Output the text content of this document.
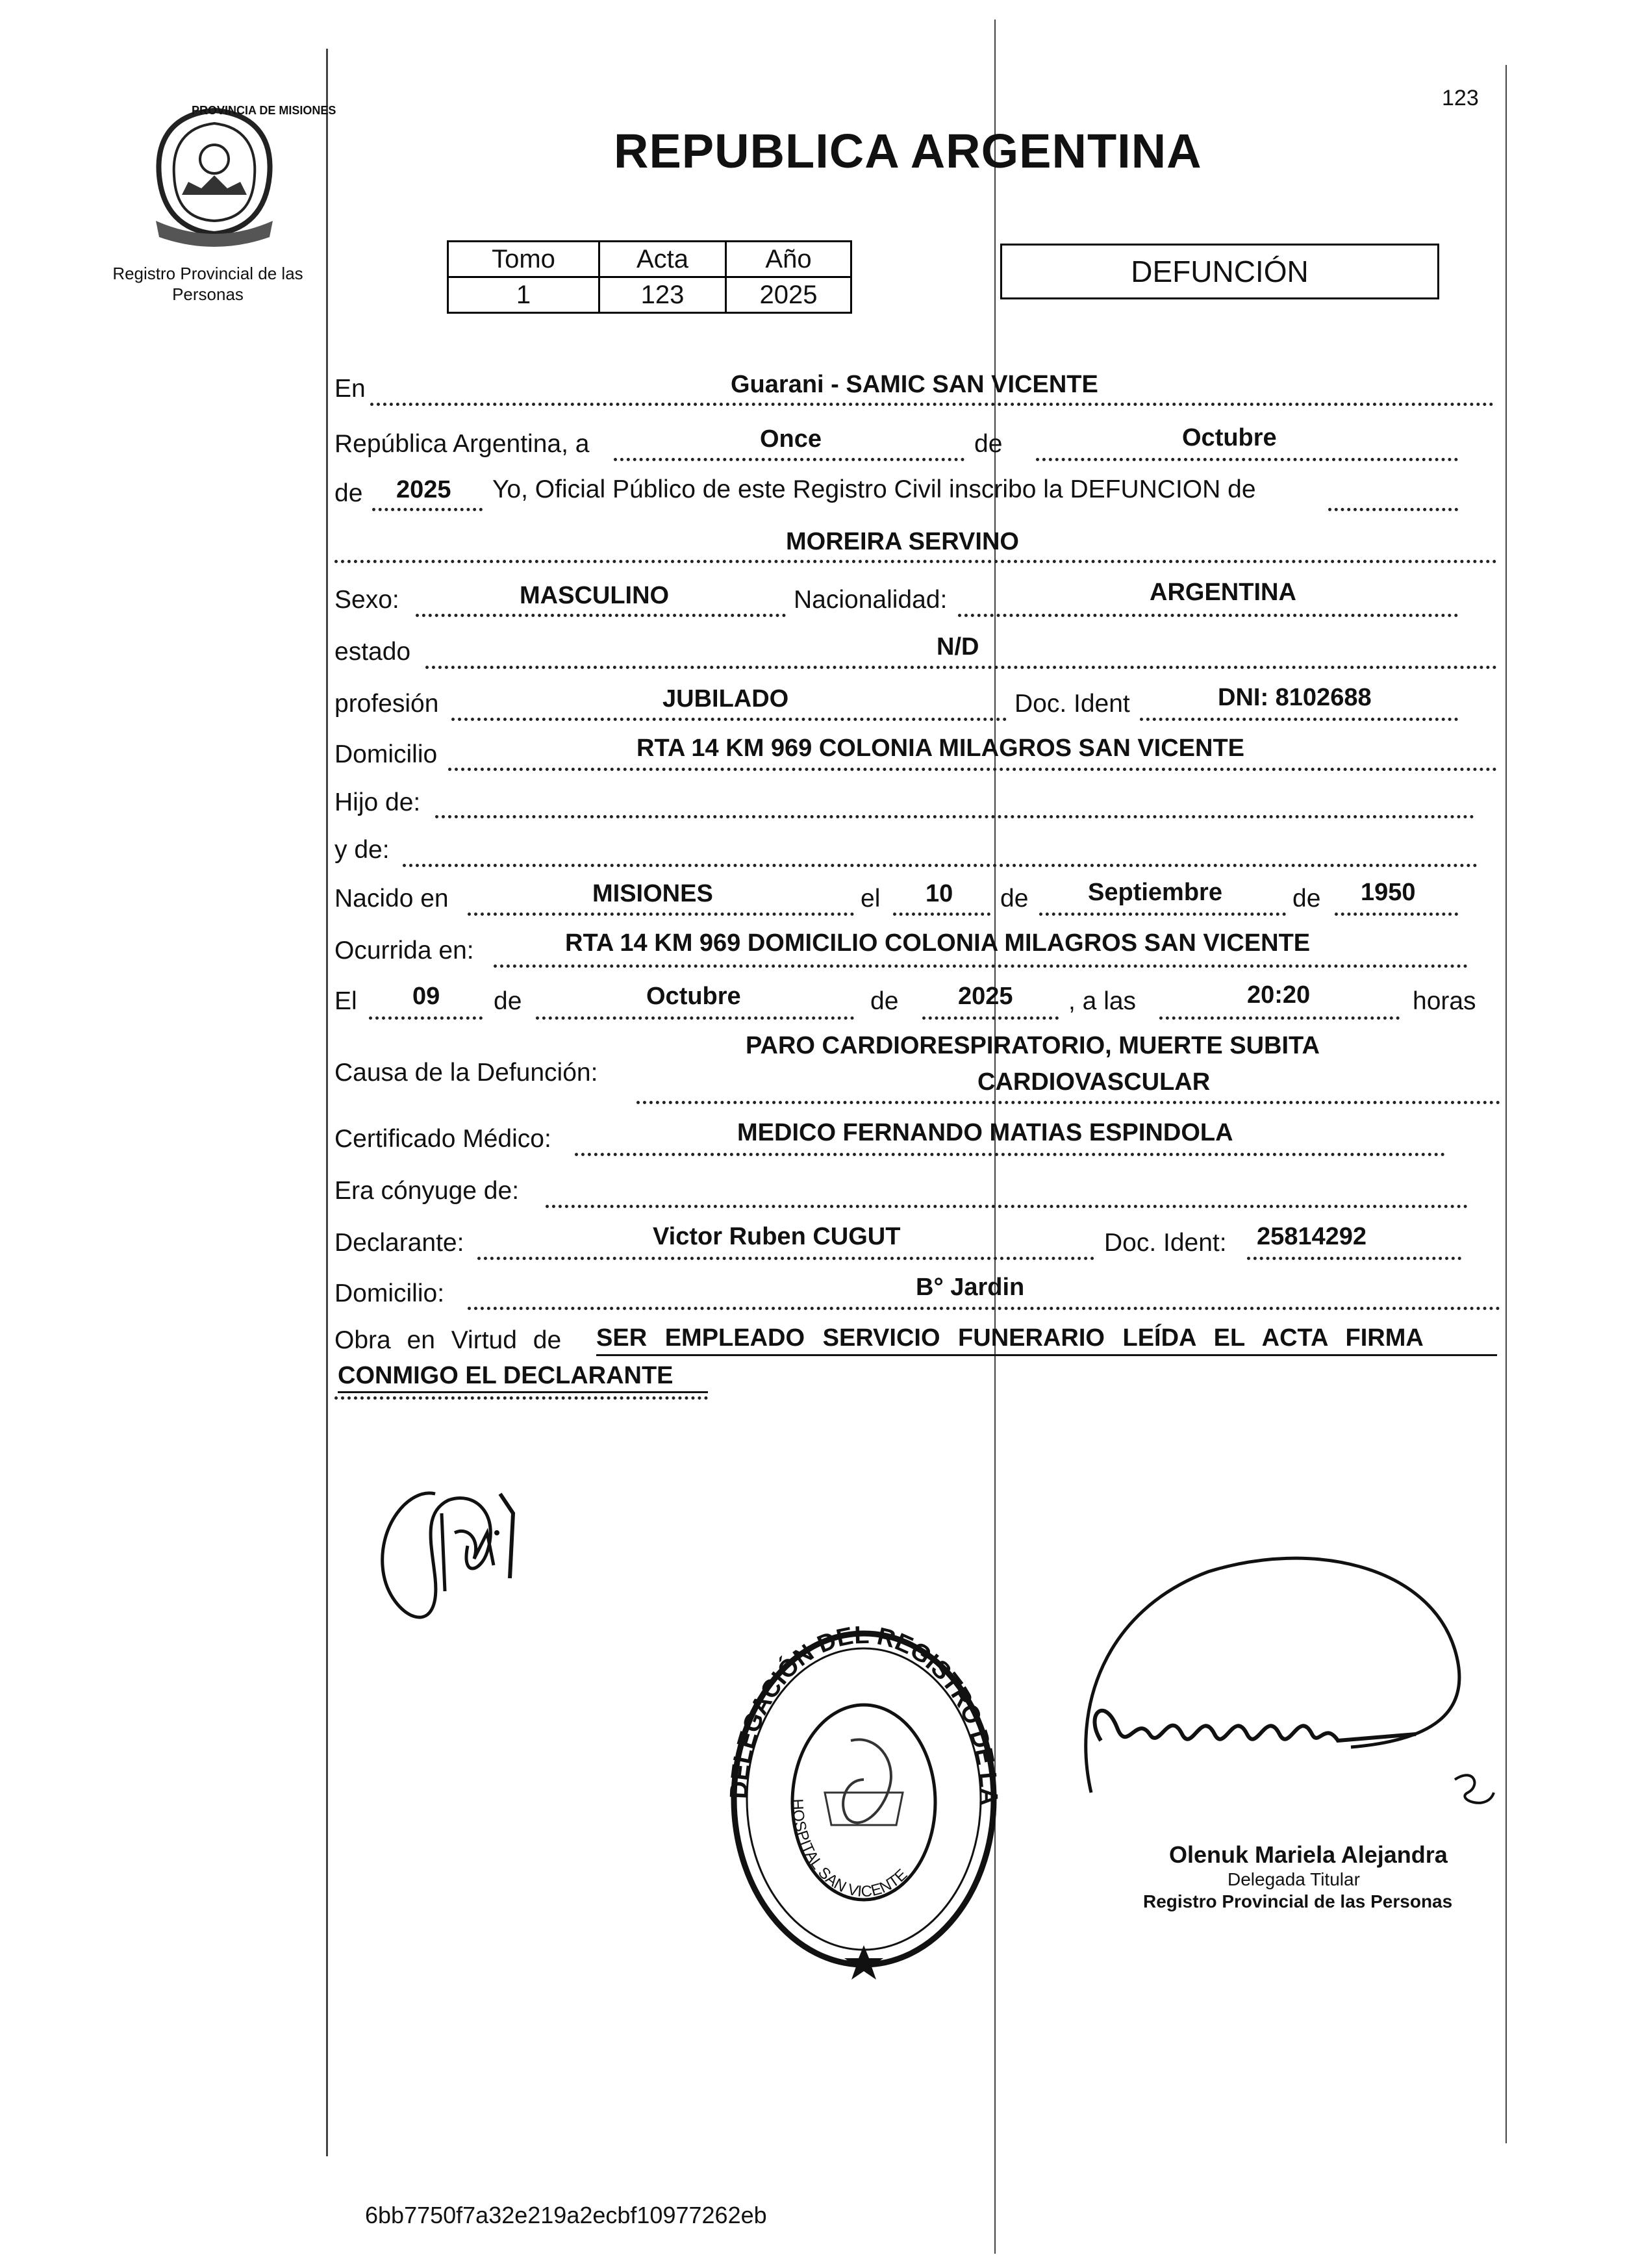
PROVINCIA DE MISIONES
Registro Provincial de las Personas
123
REPUBLICA ARGENTINA
Tomo	Acta	Año
1	123	2025
DEFUNCIÓN
En	Guarani - SAMIC SAN VICENTE
República Argentina, a	Once	de	Octubre
de 2025 Yo, Oficial Público de este Registro Civil inscribo la DEFUNCION de
MOREIRA SERVINO
Sexo:	MASCULINO	Nacionalidad:	ARGENTINA
estado	N/D
profesión	JUBILADO	Doc. Ident	DNI: 8102688
Domicilio	RTA 14 KM 969 COLONIA MILAGROS SAN VICENTE
Hijo de:
y de:
Nacido en	MISIONES	el 10 de Septiembre	de 1950
Ocurrida en:	RTA 14 KM 969 DOMICILIO COLONIA MILAGROS SAN VICENTE
El 09 de	Octubre	de 2025 , a las	20:20	horas
PARO CARDIORESPIRATORIO, MUERTE SUBITA
Causa de la Defunción:	CARDIOVASCULAR
Certificado Médico:	MEDICO FERNANDO MATIAS ESPINDOLA
Era cónyuge de:
Declarante:	Victor Ruben CUGUT	Doc. Ident: 25814292
Domicilio:	B° Jardin
Obra en Virtud de SER EMPLEADO SERVICIO FUNERARIO LEÍDA EL ACTA FIRMA
CONMIGO EL DECLARANTE
DELEGACIÓN DEL REGISTRO DE LAS PERSONAS
HOSPITAL SAN VICENTE
Olenuk Mariela Alejandra
Delegada Titular
Registro Provincial de las Personas
6bb7750f7a32e219a2ecbf10977262eb
